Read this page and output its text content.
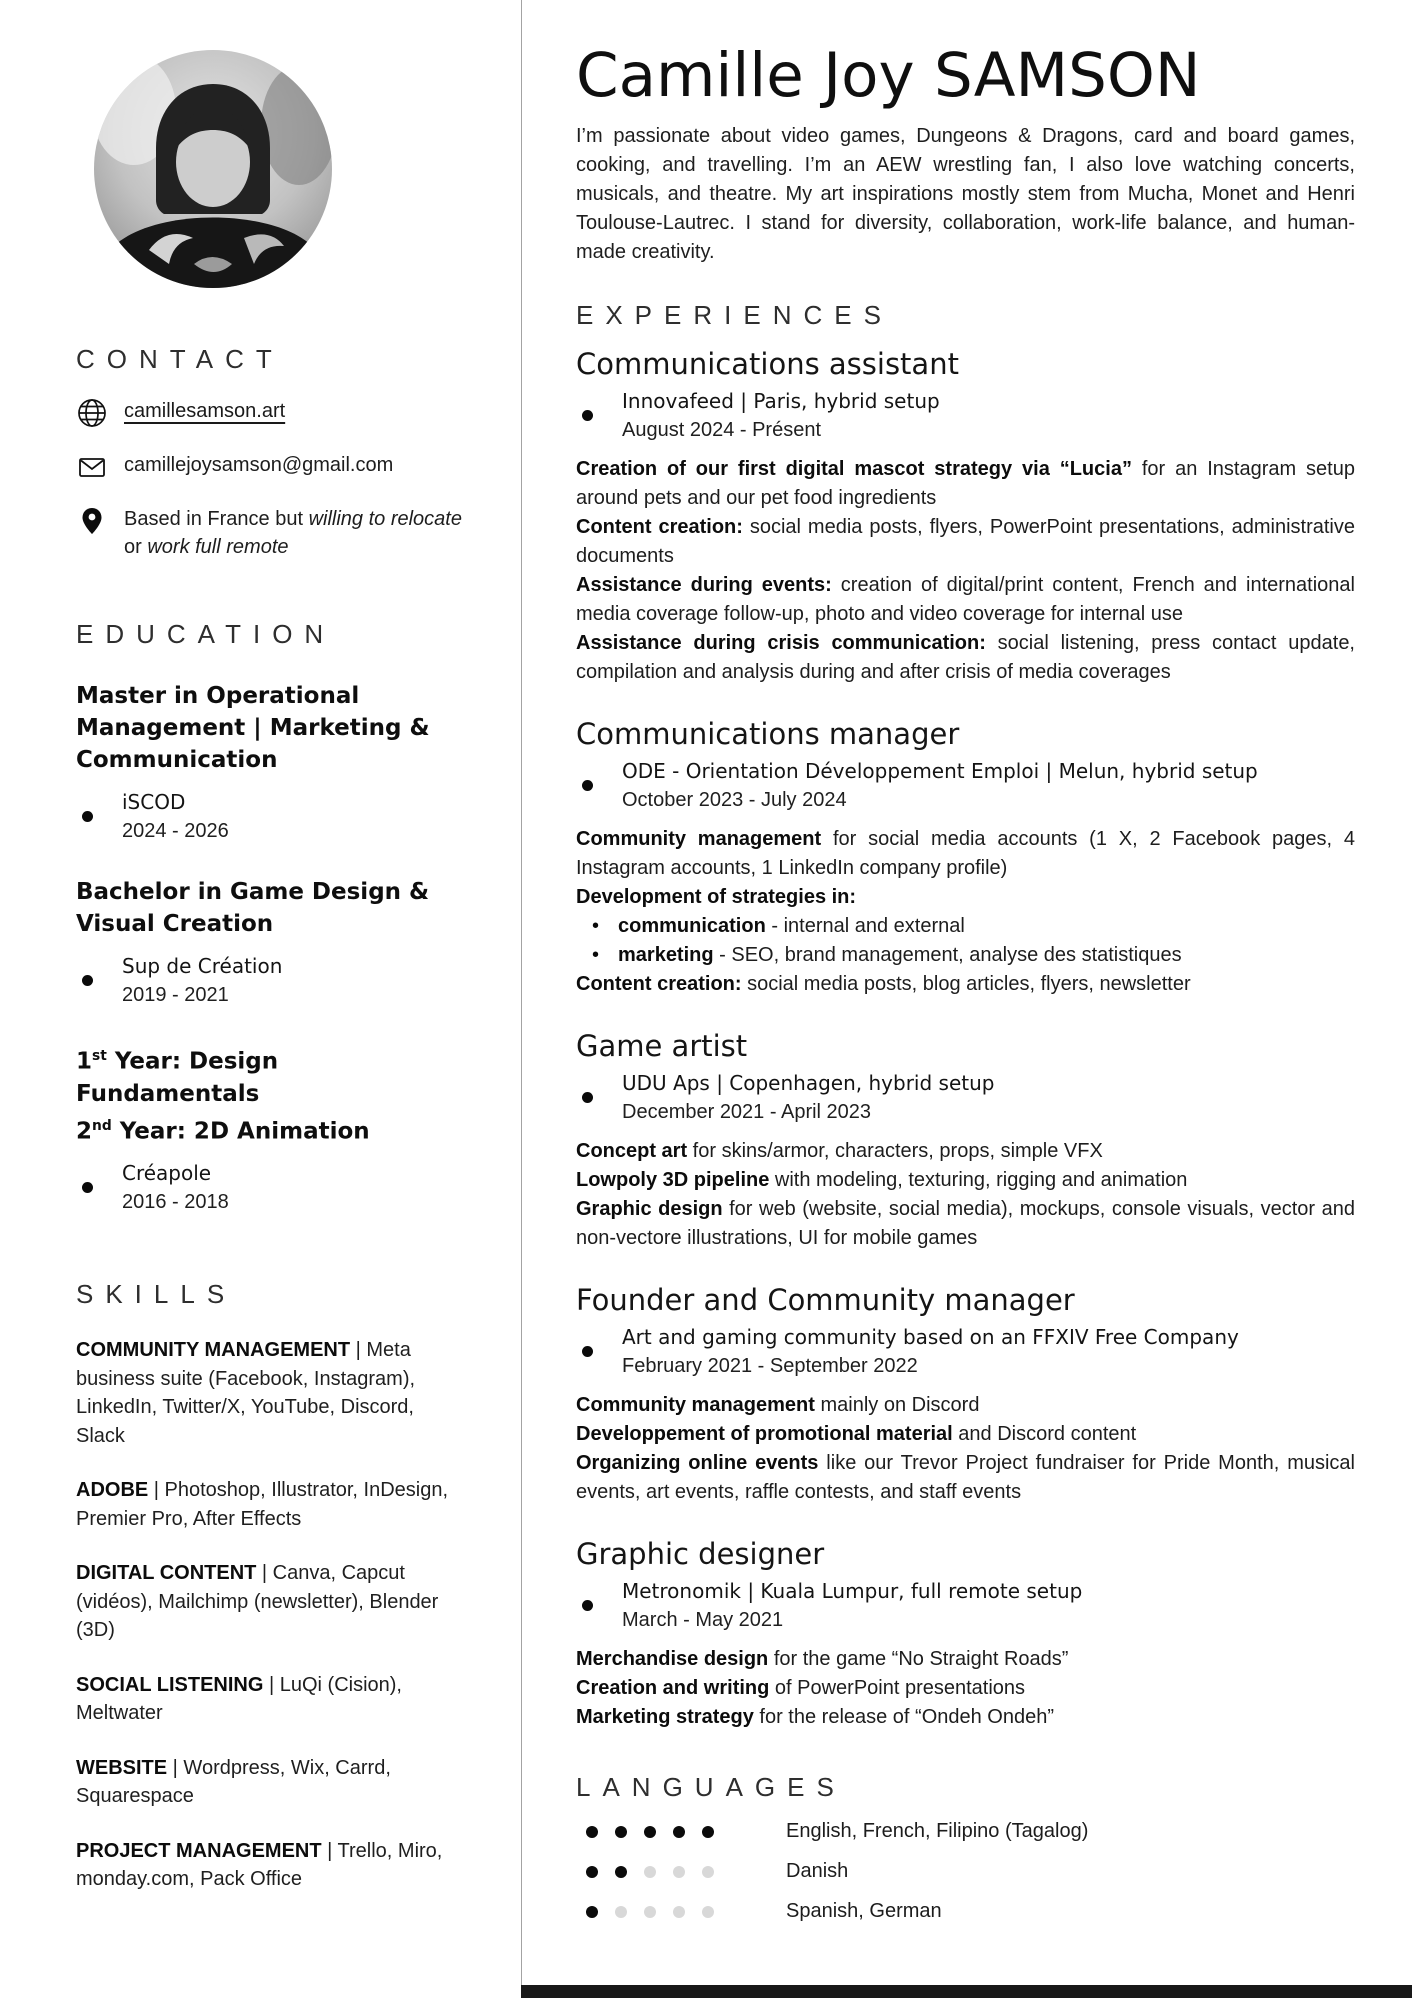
CONTACT
camillesamson.art
camillejoysamson@gmail.com
Based in France but willing to relocate or work full remote
EDUCATION
Master in Operational Management | Marketing & Communication
iSCOD
2024 - 2026
Bachelor in Game Design & Visual Creation
Sup de Création
2019 - 2021
1st Year: Design Fundamentals
2nd Year: 2D Animation
Créapole
2016 - 2018
SKILLS
COMMUNITY MANAGEMENT | Meta business suite (Facebook, Instagram), LinkedIn, Twitter/X, YouTube, Discord, Slack
ADOBE | Photoshop, Illustrator, InDesign, Premier Pro, After Effects
DIGITAL CONTENT | Canva, Capcut (vidéos), Mailchimp (newsletter), Blender (3D)
SOCIAL LISTENING | LuQi (Cision), Meltwater
WEBSITE | Wordpress, Wix, Carrd, Squarespace
PROJECT MANAGEMENT | Trello, Miro, monday.com, Pack Office
Camille Joy SAMSON

I’m passionate about video games, Dungeons & Dragons, card and board games, cooking, and travelling. I’m an AEW wrestling fan, I also love watching concerts, musicals, and theatre. My art inspirations mostly stem from Mucha, Monet and Henri Toulouse-Lautrec. I stand for diversity, collaboration, work-life balance, and human-made creativity.

EXPERIENCES
Communications assistant
Innovafeed | Paris, hybrid setup
August 2024 - Présent
Creation of our first digital mascot strategy via “Lucia” for an Instagram setup around pets and our pet food ingredients
Content creation: social media posts, flyers, PowerPoint presentations, administrative documents
Assistance during events: creation of digital/print content, French and international media coverage follow-up, photo and video coverage for internal use
Assistance during crisis communication: social listening, press contact update, compilation and analysis during and after crisis of media coverages
Communications manager
ODE - Orientation Développement Emploi | Melun, hybrid setup
October 2023 - July 2024
Community management for social media accounts (1 X, 2 Facebook pages, 4 Instagram accounts, 1 LinkedIn company profile)
Development of strategies in:
• communication - internal and external
• marketing - SEO, brand management, analyse des statistiques
Content creation: social media posts, blog articles, flyers, newsletter
Game artist
UDU Aps | Copenhagen, hybrid setup
December 2021 - April 2023
Concept art for skins/armor, characters, props, simple VFX
Lowpoly 3D pipeline with modeling, texturing, rigging and animation
Graphic design for web (website, social media), mockups, console visuals, vector and non-vectore illustrations, UI for mobile games
Founder and Community manager
Art and gaming community based on an FFXIV Free Company
February 2021 - September 2022
Community management mainly on Discord
Developpement of promotional material and Discord content
Organizing online events like our Trevor Project fundraiser for Pride Month, musical events, art events, raffle contests, and staff events
Graphic designer
Metronomik | Kuala Lumpur, full remote setup
March - May 2021
Merchandise design for the game “No Straight Roads”
Creation and writing of PowerPoint presentations
Marketing strategy for the release of “Ondeh Ondeh”
LANGUAGES
English, French, Filipino (Tagalog)
Danish
Spanish, German
